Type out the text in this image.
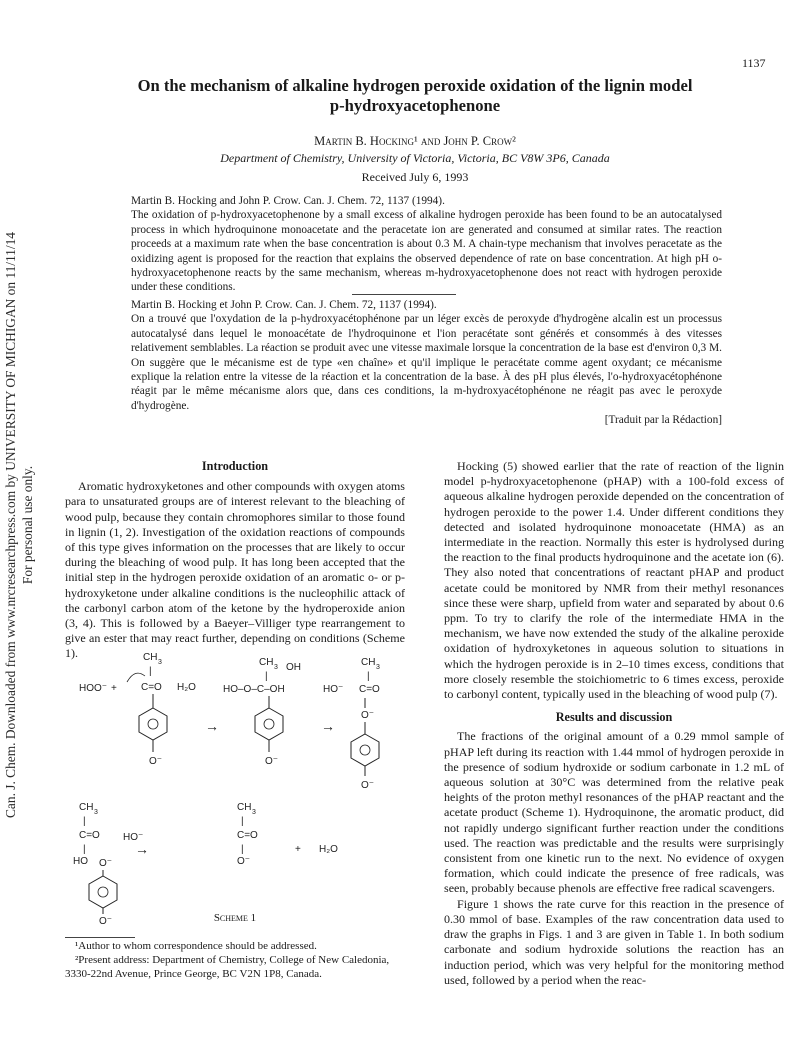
Can. J. Chem. Downloaded from www.nrcresearchpress.com by UNIVERSITY OF MICHIGAN on 11/11/14 For personal use only.
1137
On the mechanism of alkaline hydrogen peroxide oxidation of the lignin model
p-hydroxyacetophenone
Martin B. Hocking¹ and John P. Crow²
Department of Chemistry, University of Victoria, Victoria, BC V8W 3P6, Canada
Received July 6, 1993
Martin B. Hocking and John P. Crow. Can. J. Chem. 72, 1137 (1994).
The oxidation of p-hydroxyacetophenone by a small excess of alkaline hydrogen peroxide has been found to be an autocatalysed process in which hydroquinone monoacetate and the peracetate ion are generated and consumed at similar rates. The reaction proceeds at a maximum rate when the base concentration is about 0.3 M. A chain-type mechanism that involves peracetate as the oxidizing agent is proposed for the reaction that explains the observed dependence of rate on base concentration. At high pH o-hydroxyacetophenone reacts by the same mechanism, whereas m-hydroxyacetophenone does not react with hydrogen peroxide under these conditions.
Martin B. Hocking et John P. Crow. Can. J. Chem. 72, 1137 (1994).
On a trouvé que l'oxydation de la p-hydroxyacétophénone par un léger excès de peroxyde d'hydrogène alcalin est un processus autocatalysé dans lequel le monoacétate de l'hydroquinone et l'ion peracétate sont générés et consommés à des vitesses relativement semblables. La réaction se produit avec une vitesse maximale lorsque la concentration de la base est d'environ 0,3 M. On suggère que le mécanisme est de type «en chaîne» et qu'il implique le peracétate comme agent oxydant; ce mécanisme explique la relation entre la vitesse de la réaction et la concentration de la base. À des pH plus élevés, l'o-hydroxyacétophénone réagit par le même mécanisme alors que, dans ces conditions, la m-hydroxyacétophénone ne réagit pas avec le peroxyde d'hydrogène.
[Traduit par la Rédaction]
Introduction

Aromatic hydroxyketones and other compounds with oxygen atoms para to unsaturated groups are of interest relevant to the bleaching of wood pulp, because they contain chromophores similar to those found in lignin (1, 2). Investigation of the oxidation reactions of compounds of this type gives information on the processes that are likely to occur during the bleaching of wood pulp. It has long been accepted that the initial step in the hydrogen peroxide oxidation of an aromatic o- or p-hydroxyketone under alkaline conditions is the nucleophilic attack of the carbonyl carbon atom of the ketone by the hydroperoxide anion (3, 4). This is followed by a Baeyer–Villiger type rearrangement to give an ester that may react further, depending on conditions (Scheme 1).	CH 3
|
HOO⁻ + C=O H₂O
O⁻
→
CH 3 OH
|
HO–O–C–OH
O⁻
→
CH 3
|
HO⁻ C=O
O⁻
O⁻
CH 3
|
C=O
|
HO
HO⁻
→
O⁻
O⁻
CH 3
|
C=O
|
O⁻
+ H₂O
Scheme 1
¹Author to whom correspondence should be addressed.
²Present address: Department of Chemistry, College of New Caledonia, 3330-22nd Avenue, Prince George, BC V2N 1P8, Canada.

Hocking (5) showed earlier that the rate of reaction of the lignin model p-hydroxyacetophenone (pHAP) with a 100-fold excess of aqueous alkaline hydrogen peroxide depended on the concentration of hydrogen peroxide to the power 1.4. Under different conditions they detected and isolated hydroquinone monoacetate (HMA) as an intermediate in the reaction. Normally this ester is hydrolysed during the reaction to the final products hydroquinone and the acetate ion (6). They also noted that concentrations of reactant pHAP and product acetate could be monitored by NMR from their methyl resonances since these were sharp, upfield from water and separated by about 0.6 ppm. To try to clarify the role of the intermediate HMA in the mechanism, we have now extended the study of the alkaline peroxide oxidation of hydroxyketones in aqueous solution to situations in which the hydrogen peroxide is in 2–10 times excess, conditions that more closely resemble the stoichiometric to 6 times excess, peroxide to carbonyl content, typically used in the bleaching of wood pulp (7).

Results and discussion

The fractions of the original amount of a 0.29 mmol sample of pHAP left during its reaction with 1.44 mmol of hydrogen peroxide in the presence of sodium hydroxide or sodium carbonate in 1.2 mL of aqueous solution at 30°C was determined from the relative peak heights of the proton methyl resonances of the pHAP reactant and the acetate product (Scheme 1). Hydroquinone, the aromatic product, did not rapidly undergo significant further reaction under the conditions used. The reaction was predictable and the results were surprisingly consistent from one kinetic run to the next. No evidence of oxygen formation, which could indicate the presence of free radicals, was seen, probably because phenols are effective free radical scavengers.

Figure 1 shows the rate curve for this reaction in the presence of 0.30 mmol of base. Examples of the raw concentration data used to draw the graphs in Figs. 1 and 3 are given in Table 1. In both sodium carbonate and sodium hydroxide solutions the reaction has an induction period, which was very helpful for the monitoring method used, followed by a period when the reac-
